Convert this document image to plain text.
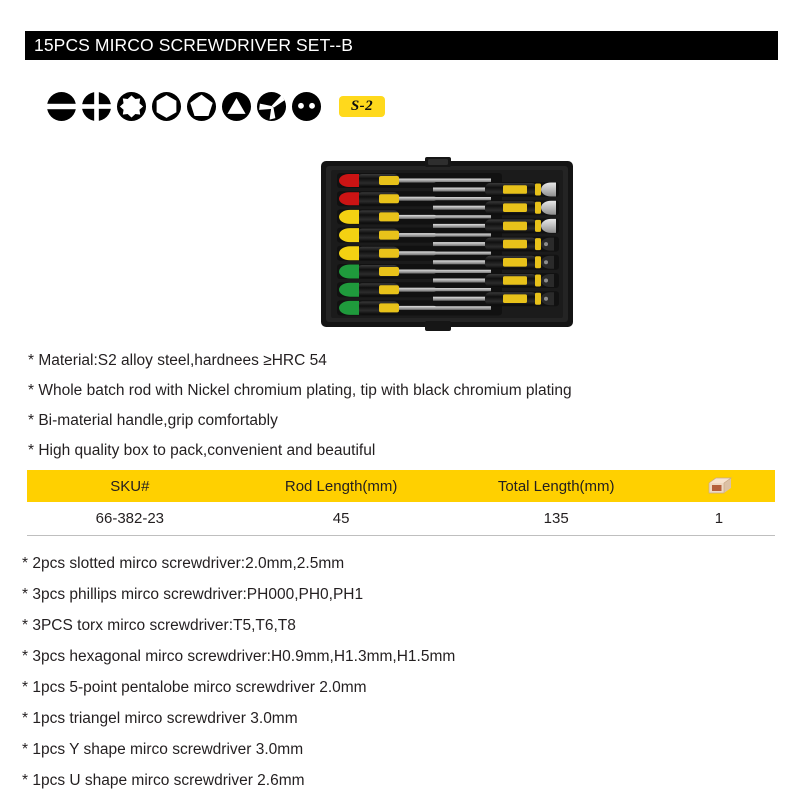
15PCS MIRCO SCREWDRIVER SET--B
S-2
* Material:S2 alloy steel,hardnees ≥HRC 54
* Whole batch rod with Nickel chromium plating, tip with black chromium plating
* Bi-material handle,grip comfortably
* High quality box to pack,convenient and beautiful
SKU#	Rod Length(mm)	Total Length(mm)	
66-382-23	45	135	1
* 2pcs slotted mirco screwdriver:2.0mm,2.5mm
* 3pcs phillips mirco screwdriver:PH000,PH0,PH1
* 3PCS torx mirco screwdriver:T5,T6,T8
* 3pcs hexagonal mirco screwdriver:H0.9mm,H1.3mm,H1.5mm
* 1pcs 5-point pentalobe mirco screwdriver 2.0mm
* 1pcs triangel mirco screwdriver 3.0mm
* 1pcs Y shape mirco screwdriver 3.0mm
* 1pcs U shape mirco screwdriver 2.6mm
